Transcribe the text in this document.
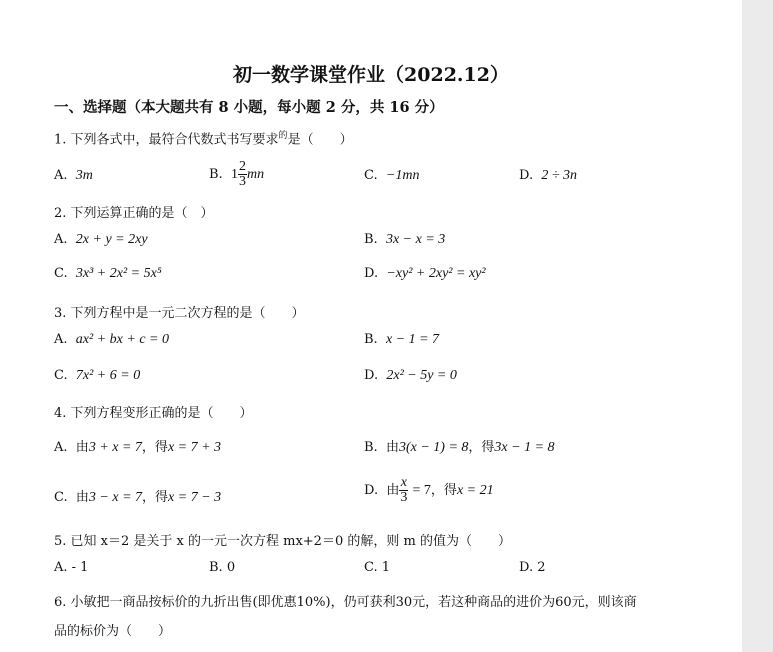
初一数学课堂作业（2022.12）
一、选择题（本大题共有 8 小题，每小题 2 分，共 16 分）
1. 下列各式中，最符合代数式书写要求$^的$是（　　）
A. 3m	B. $1 \frac{2}{3}$ mn	C. −1mn	D. 2 ÷ 3n
2. 下列运算正确的是（　）
A. 2x + y = 2xy	B. 3x − x = 3
C. 3x³ + 2x² = 5x⁵	D. −xy² + 2xy² = xy²
3. 下列方程中是一元二次方程的是（　　）
A. ax² + bx + c = 0	B. x − 1 = 7
C. 7x² + 6 = 0	D. 2x² − 5y = 0
4. 下列方程变形正确的是（　　）
A. 由3 + x = 7，得x = 7 + 3	B. 由3(x − 1) = 8，得3x − 1 = 8
C. 由3 − x = 7，得x = 7 − 3	D. 由 $\frac{x}{3} = 7$，得x = 21
5. 已知 x＝2 是关于 x 的一元一次方程 mx+2＝0 的解，则 m 的值为（　　）
A. - 1	B. 0	C. 1	D. 2
6. 小敏把一商品按标价的九折出售(即优惠10%)，仍可获利30元，若这种商品的进价为60元，则该商
品的标价为（　　）
